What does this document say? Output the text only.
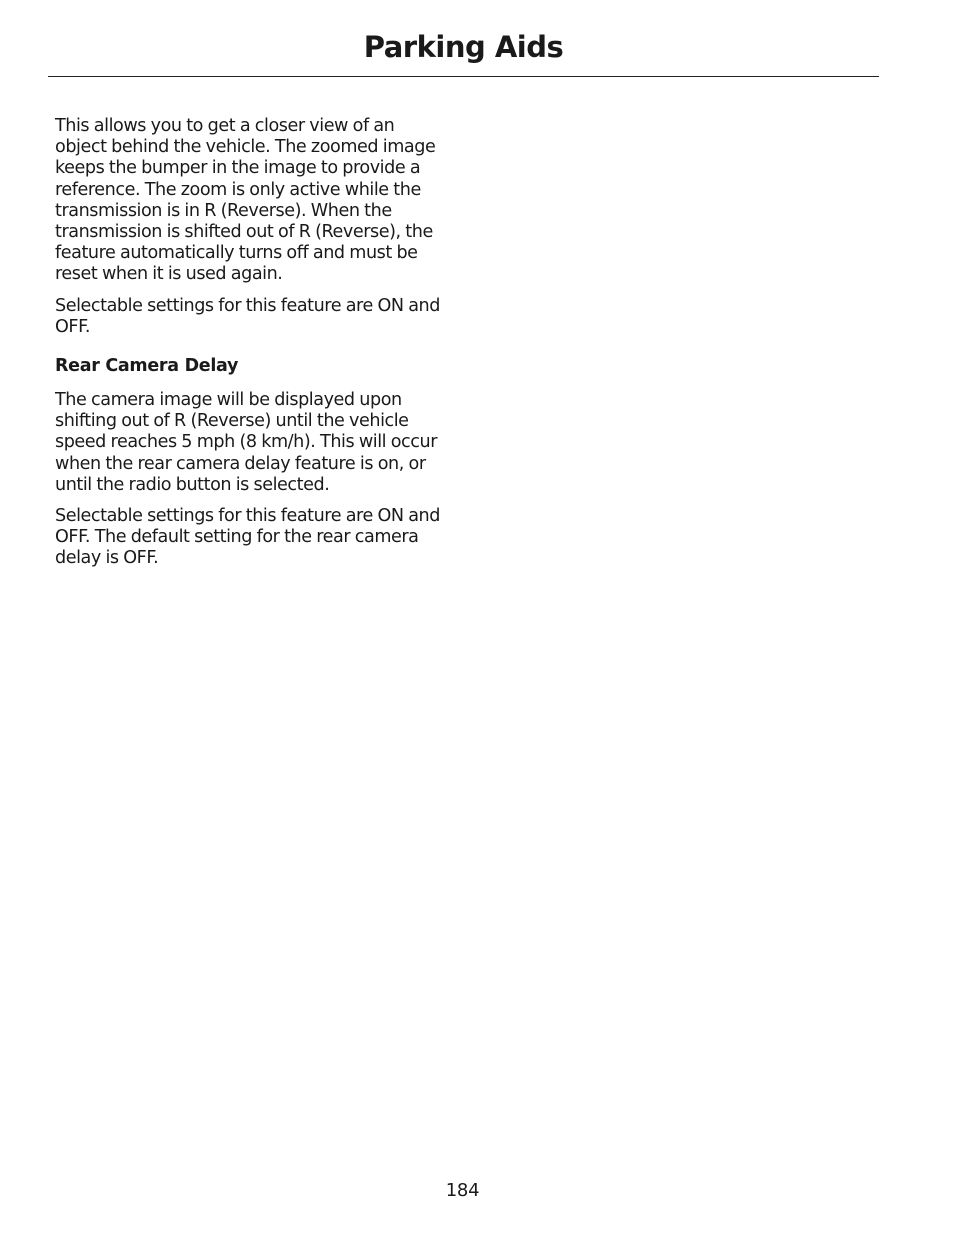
Parking Aids

This allows you to get a closer view of an object behind the vehicle. The zoomed image keeps the bumper in the image to provide a reference. The zoom is only active while the transmission is in R (Reverse). When the transmission is shifted out of R (Reverse), the feature automatically turns off and must be reset when it is used again.

Selectable settings for this feature are ON and OFF.

Rear Camera Delay

The camera image will be displayed upon shifting out of R (Reverse) until the vehicle speed reaches 5 mph (8 km/h). This will occur when the rear camera delay feature is on, or until the radio button is selected.

Selectable settings for this feature are ON and OFF. The default setting for the rear camera delay is OFF.

184
